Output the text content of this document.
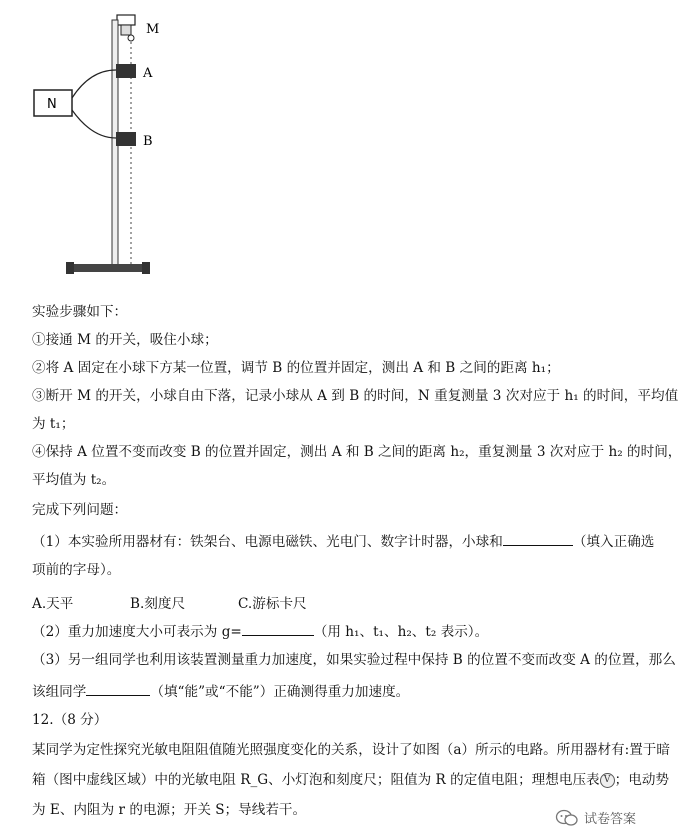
M
A
B
N
实验步骤如下：
①接通 M 的开关，吸住小球；
②将 A 固定在小球下方某一位置，调节 B 的位置并固定，测出 A 和 B 之间的距离 h₁；
③断开 M 的开关，小球自由下落，记录小球从 A 到 B 的时间，N 重复测量 3 次对应于 h₁ 的时间，平均值
为 t₁；
④保持 A 位置不变而改变 B 的位置并固定，测出 A 和 B 之间的距离 h₂，重复测量 3 次对应于 h₂ 的时间，
平均值为 t₂。
完成下列问题：
（1）本实验所用器材有：铁架台、电源电磁铁、光电门、数字计时器，小球和	（填入正确选
项前的字母）。
A.天平	B.刻度尺	C.游标卡尺
（2）重力加速度大小可表示为 g=	（用 h₁、t₁、h₂、t₂ 表示）。
（3）另一组同学也利用该装置测量重力加速度，如果实验过程中保持 B 的位置不变而改变 A 的位置，那么
该组同学	（填“能”或“不能”）正确测得重力加速度。
12.（8 分）
某同学为定性探究光敏电阻阻值随光照强度变化的关系，设计了如图（a）所示的电路。所用器材有:置于暗
箱（图中虚线区域）中的光敏电阻 R_G、小灯泡和刻度尺；阻值为 R 的定值电阻；理想电压表 V ；电动势
为 E、内阻为 r 的电源；开关 S；导线若干。
试卷答案
